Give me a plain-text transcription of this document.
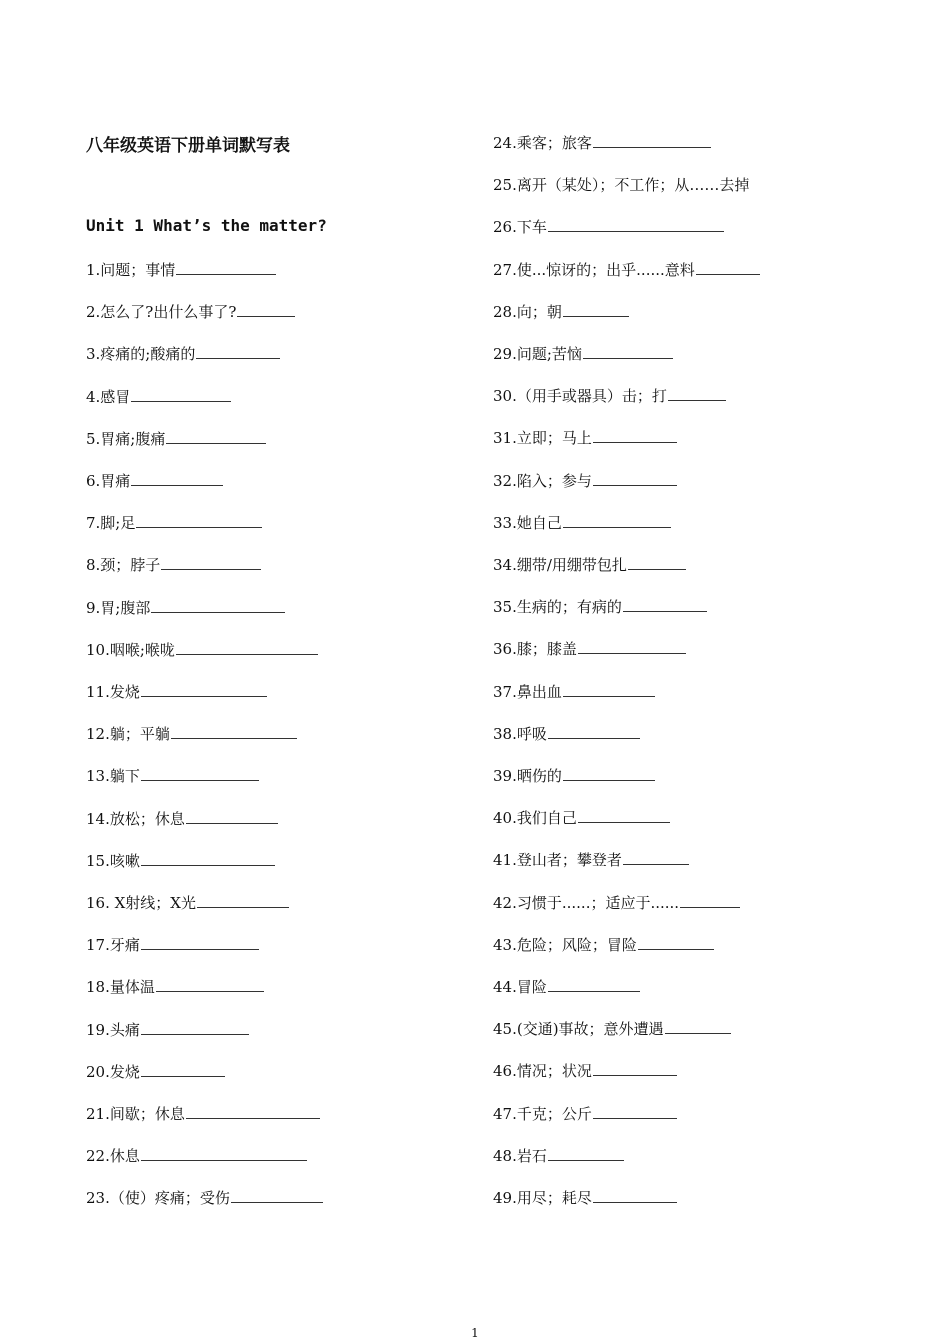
八年级英语下册单词默写表
Unit 1 What’s the matter?
1.问题；事情
2.怎么了?出什么事了?
3.疼痛的;酸痛的
4.感冒
5.胃痛;腹痛
6.胃痛
7.脚;足
8.颈；脖子
9.胃;腹部
10.咽喉;喉咙
11.发烧
12.躺；平躺
13.躺下
14.放松；休息
15.咳嗽
16. X射线；X光
17.牙痛
18.量体温
19.头痛
20.发烧
21.间歇；休息
22.休息
23.（使）疼痛；受伤
24.乘客；旅客
25.离开（某处）；不工作；从……去掉
26.下车
27.使...惊讶的；出乎......意料
28.向；朝
29.问题;苦恼
30.（用手或器具）击；打
31.立即；马上
32.陷入；参与
33.她自己
34.绷带/用绷带包扎
35.生病的；有病的
36.膝；膝盖
37.鼻出血
38.呼吸
39.晒伤的
40.我们自己
41.登山者；攀登者
42.习惯于......；适应于......
43.危险；风险；冒险
44.冒险
45.(交通)事故；意外遭遇
46.情况；状况
47.千克；公斤
48.岩石
49.用尽；耗尽
1
